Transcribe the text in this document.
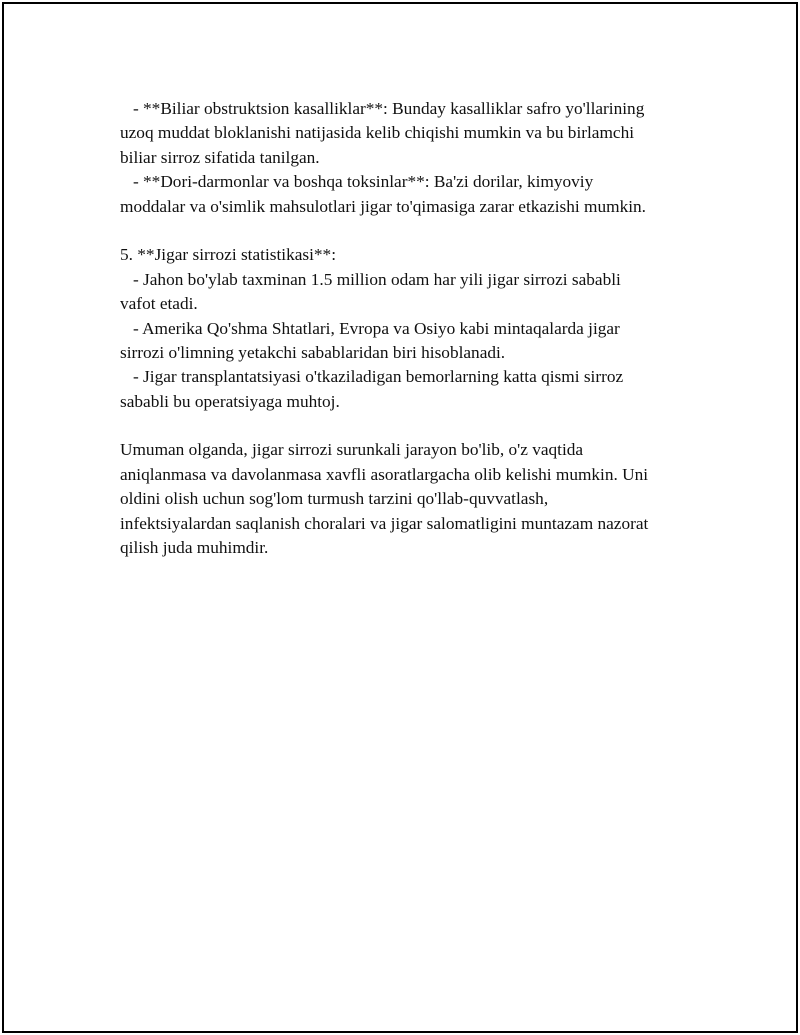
- **Biliar obstruktsion kasalliklar**: Bunday kasalliklar safro yo'llarining
uzoq muddat bloklanishi natijasida kelib chiqishi mumkin va bu birlamchi
biliar sirroz sifatida tanilgan.
- **Dori-darmonlar va boshqa toksinlar**: Ba'zi dorilar, kimyoviy
moddalar va o'simlik mahsulotlari jigar to'qimasiga zarar etkazishi mumkin.
5. **Jigar sirrozi statistikasi**:
- Jahon bo'ylab taxminan 1.5 million odam har yili jigar sirrozi sababli
vafot etadi.
- Amerika Qo'shma Shtatlari, Evropa va Osiyo kabi mintaqalarda jigar
sirrozi o'limning yetakchi sabablaridan biri hisoblanadi.
- Jigar transplantatsiyasi o'tkaziladigan bemorlarning katta qismi sirroz
sababli bu operatsiyaga muhtoj.
Umuman olganda, jigar sirrozi surunkali jarayon bo'lib, o'z vaqtida
aniqlanmasa va davolanmasa xavfli asoratlargacha olib kelishi mumkin. Uni
oldini olish uchun sog'lom turmush tarzini qo'llab-quvvatlash,
infektsiyalardan saqlanish choralari va jigar salomatligini muntazam nazorat
qilish juda muhimdir.
